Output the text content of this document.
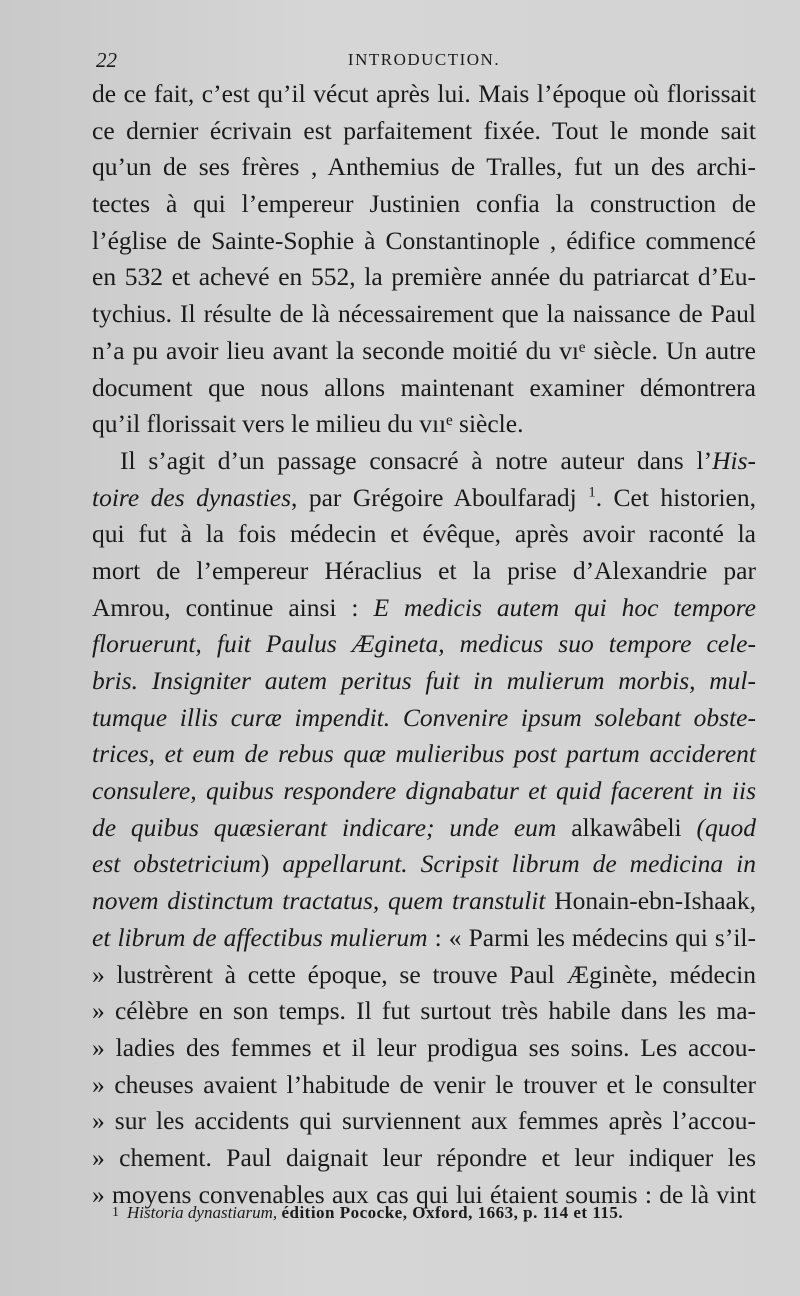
22	INTRODUCTION.
de ce fait, c’est qu’il vécut après lui. Mais l’époque où florissait
ce dernier écrivain est parfaitement fixée. Tout le monde sait
qu’un de ses frères , Anthemius de Tralles, fut un des archi-
tectes à qui l’empereur Justinien confia la construction de
l’église de Sainte-Sophie à Constantinople , édifice commencé
en 532 et achevé en 552, la première année du patriarcat d’Eu-
tychius. Il résulte de là nécessairement que la naissance de Paul
n’a pu avoir lieu avant la seconde moitié du vıᵉ siècle. Un autre
document que nous allons maintenant examiner démontrera
qu’il florissait vers le milieu du vııᵉ siècle.
Il s’agit d’un passage consacré à notre auteur dans l’His-
toire des dynasties, par Grégoire Aboulfaradj $^1$. Cet historien,
qui fut à la fois médecin et évêque, après avoir raconté la
mort de l’empereur Héraclius et la prise d’Alexandrie par
Amrou, continue ainsi : E medicis autem qui hoc tempore
floruerunt, fuit Paulus Ægineta, medicus suo tempore cele-
bris. Insigniter autem peritus fuit in mulierum morbis, mul-
tumque illis curæ impendit. Convenire ipsum solebant obste-
trices, et eum de rebus quæ mulieribus post partum acciderent
consulere, quibus respondere dignabatur et quid facerent in iis
de quibus quæsierant indicare; unde eum alkawâbeli (quod
est obstetricium) appellarunt. Scripsit librum de medicina in
novem distinctum tractatus, quem transtulit Honain-ebn-Ishaak,
et librum de affectibus mulierum : « Parmi les médecins qui s’il-
» lustrèrent à cette époque, se trouve Paul Æginète, médecin
» célèbre en son temps. Il fut surtout très habile dans les ma-
» ladies des femmes et il leur prodigua ses soins. Les accou-
» cheuses avaient l’habitude de venir le trouver et le consulter
» sur les accidents qui surviennent aux femmes après l’accou-
» chement. Paul daignait leur répondre et leur indiquer les
» moyens convenables aux cas qui lui étaient soumis : de là vint
1 Historia dynastiarum, édition Pococke, Oxford, 1663, p. 114 et 115.
